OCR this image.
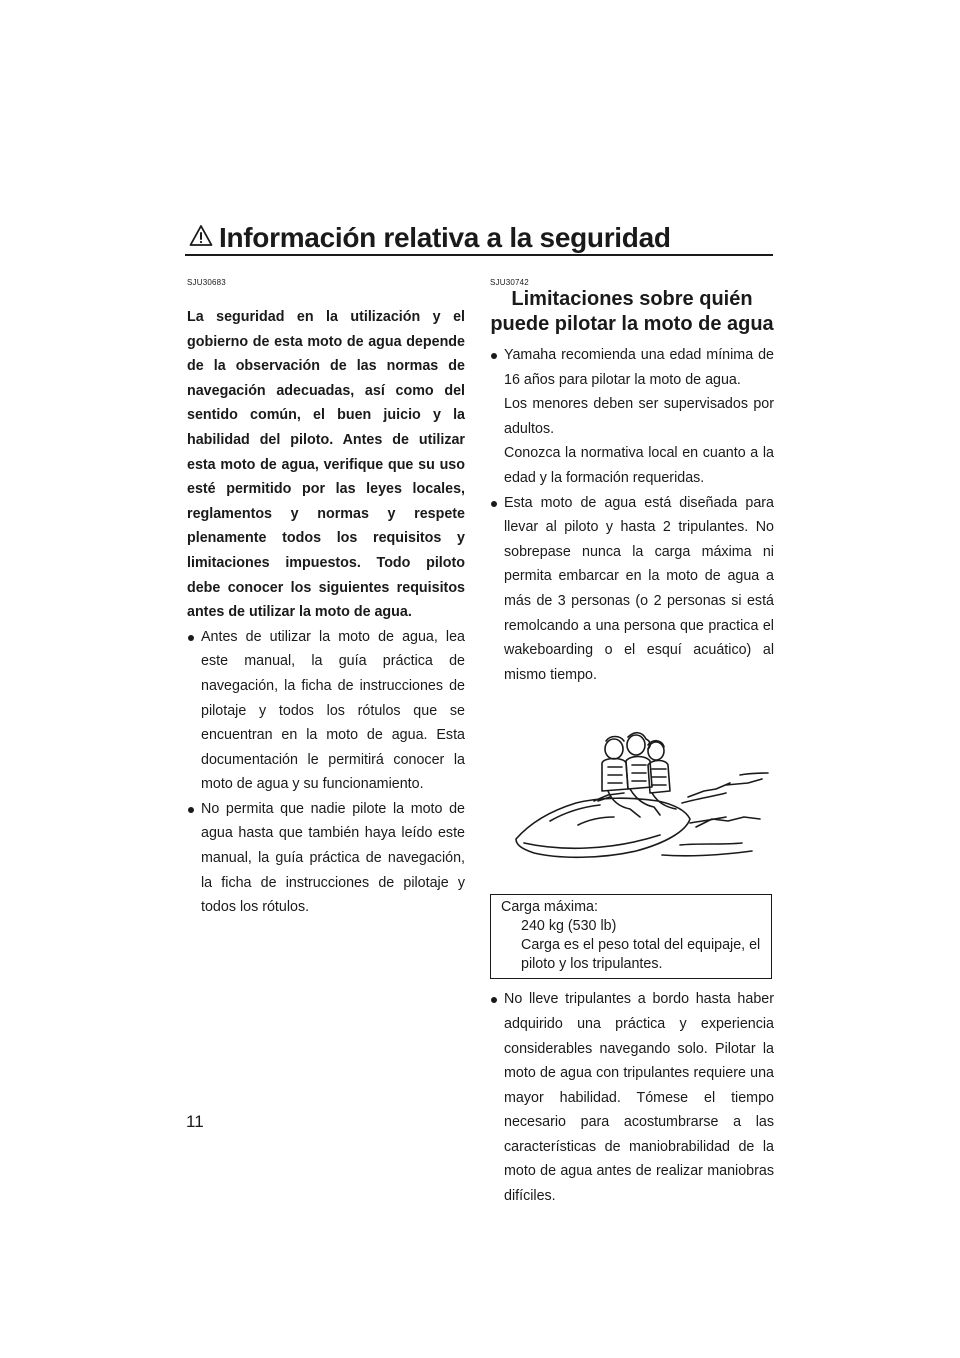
Información relativa a la seguridad
SJU30683

La seguridad en la utilización y el gobierno de esta moto de agua depende de la observación de las normas de navegación adecuadas, así como del sentido común, el buen juicio y la habilidad del piloto. Antes de utilizar esta moto de agua, verifique que su uso esté permitido por las leyes locales, reglamentos y normas y respete plenamente todos los requisitos y limitaciones impuestos. Todo piloto debe conocer los siguientes requisitos antes de utilizar la moto de agua.

Antes de utilizar la moto de agua, lea este manual, la guía práctica de navegación, la ficha de instrucciones de pilotaje y todos los rótulos que se encuentran en la moto de agua. Esta documentación le permitirá conocer la moto de agua y su funcionamiento.
No permita que nadie pilote la moto de agua hasta que también haya leído este manual, la guía práctica de navegación, la ficha de instrucciones de pilotaje y todos los rótulos.
SJU30742
Limitaciones sobre quién
puede pilotar la moto de agua

Yamaha recomienda una edad mínima de 16 años para pilotar la moto de agua.

Los menores deben ser supervisados por adultos.

Conozca la normativa local en cuanto a la edad y la formación requeridas.

Esta moto de agua está diseñada para llevar al piloto y hasta 2 tripulantes. No sobrepase nunca la carga máxima ni permita embarcar en la moto de agua a más de 3 personas (o 2 personas si está remolcando a una persona que practica el wakeboarding o el esquí acuático) al mismo tiempo.
Carga máxima:
240 kg (530 lb)
Carga es el peso total del equipaje, el piloto y los tripulantes.
No lleve tripulantes a bordo hasta haber adquirido una práctica y experiencia considerables navegando solo. Pilotar la moto de agua con tripulantes requiere una mayor habilidad. Tómese el tiempo necesario para acostumbrarse a las características de maniobrabilidad de la moto de agua antes de realizar maniobras difíciles.
11
